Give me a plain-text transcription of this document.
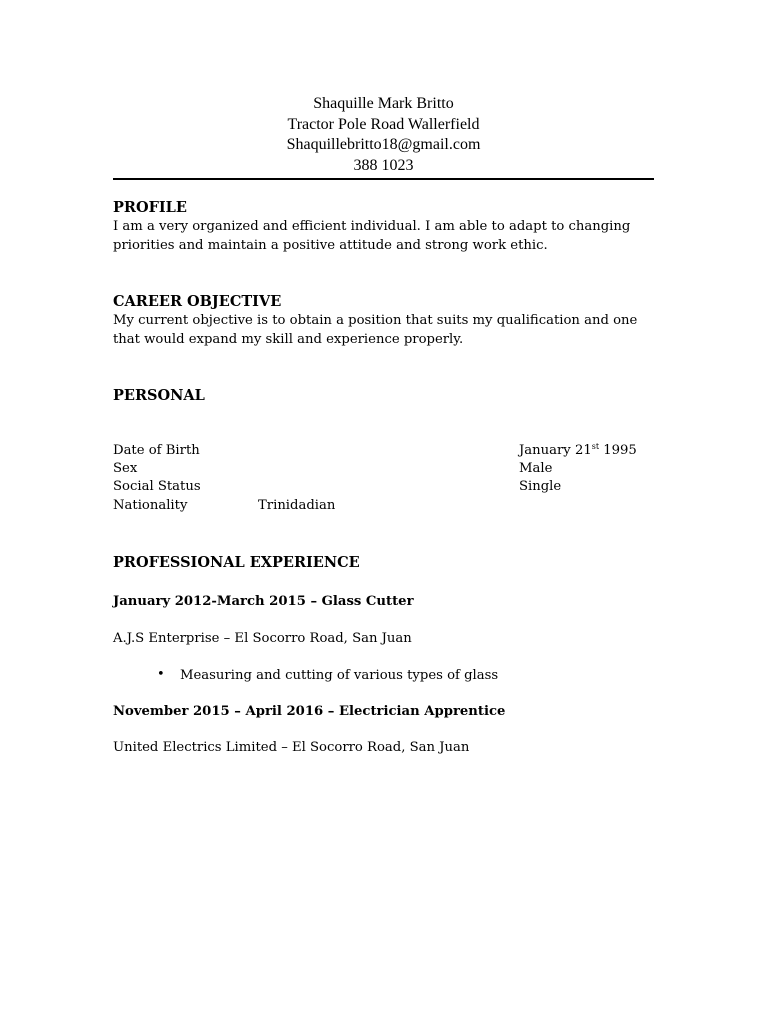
Shaquille Mark Britto
Tractor Pole Road Wallerfield
Shaquillebritto18@gmail.com
388 1023
PROFILE
I am a very organized and efficient individual. I am able to adapt to changing priorities and maintain a positive attitude and strong work ethic.
CAREER OBJECTIVE
My current objective is to obtain a position that suits my qualification and one that would expand my skill and experience properly.
PERSONAL
Date of Birth	January 21st 1995
Sex	Male
Social Status	Single
Nationality	Trinidadian
PROFESSIONAL EXPERIENCE
January 2012-March 2015 – Glass Cutter
A.J.S Enterprise – El Socorro Road, San Juan
• Measuring and cutting of various types of glass
November 2015 – April 2016 – Electrician Apprentice
United Electrics Limited – El Socorro Road, San Juan
